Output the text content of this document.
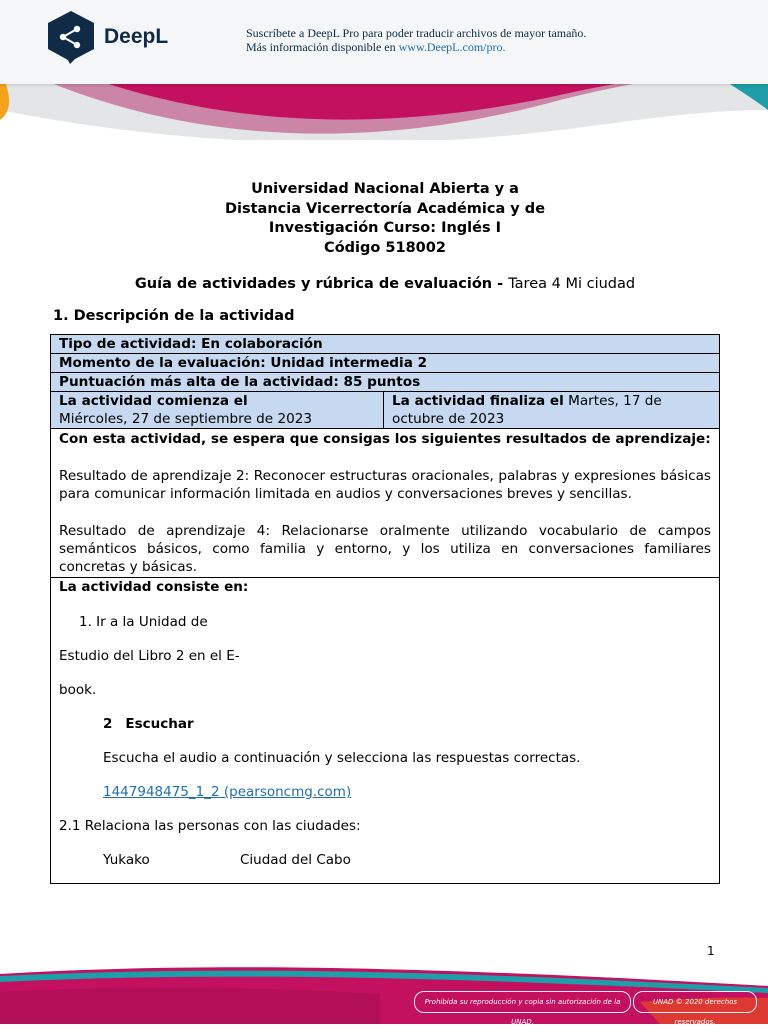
DeepL	Suscríbete a DeepL Pro para poder traducir archivos de mayor tamaño.
Más información disponible en www.DeepL.com/pro.
Universidad Nacional Abierta y a
Distancia Vicerrectoría Académica y de
Investigación Curso: Inglés I
Código 518002
Guía de actividades y rúbrica de evaluación - Tarea 4 Mi ciudad
1. Descripción de la actividad
Tipo de actividad: En colaboración
Momento de la evaluación: Unidad intermedia 2
Puntuación más alta de la actividad: 85 puntos

La actividad comienza el
Miércoles, 27 de septiembre de 2023

La actividad finaliza el Martes, 17 de
octubre de 2023

Con esta actividad, se espera que consigas los siguientes resultados de aprendizaje:

Resultado de aprendizaje 2: Reconocer estructuras oracionales, palabras y expresiones básicas para comunicar información limitada en audios y conversaciones breves y sencillas.

Resultado de aprendizaje 4: Relacionarse oralmente utilizando vocabulario de campos semánticos básicos, como familia y entorno, y los utiliza en conversaciones familiares concretas y básicas.

La actividad consiste en:
1. Ir a la Unidad de
Estudio del Libro 2 en el E-
book.
2 Escuchar
Escucha el audio a continuación y selecciona las respuestas correctas.
1447948475_1_2 (pearsoncmg.com)
2.1 Relaciona las personas con las ciudades:
Yukako	Ciudad del Cabo
1
Prohibida su reproducción y copia sin autorización de la UNAD.
UNAD © 2020 derechos reservados.
